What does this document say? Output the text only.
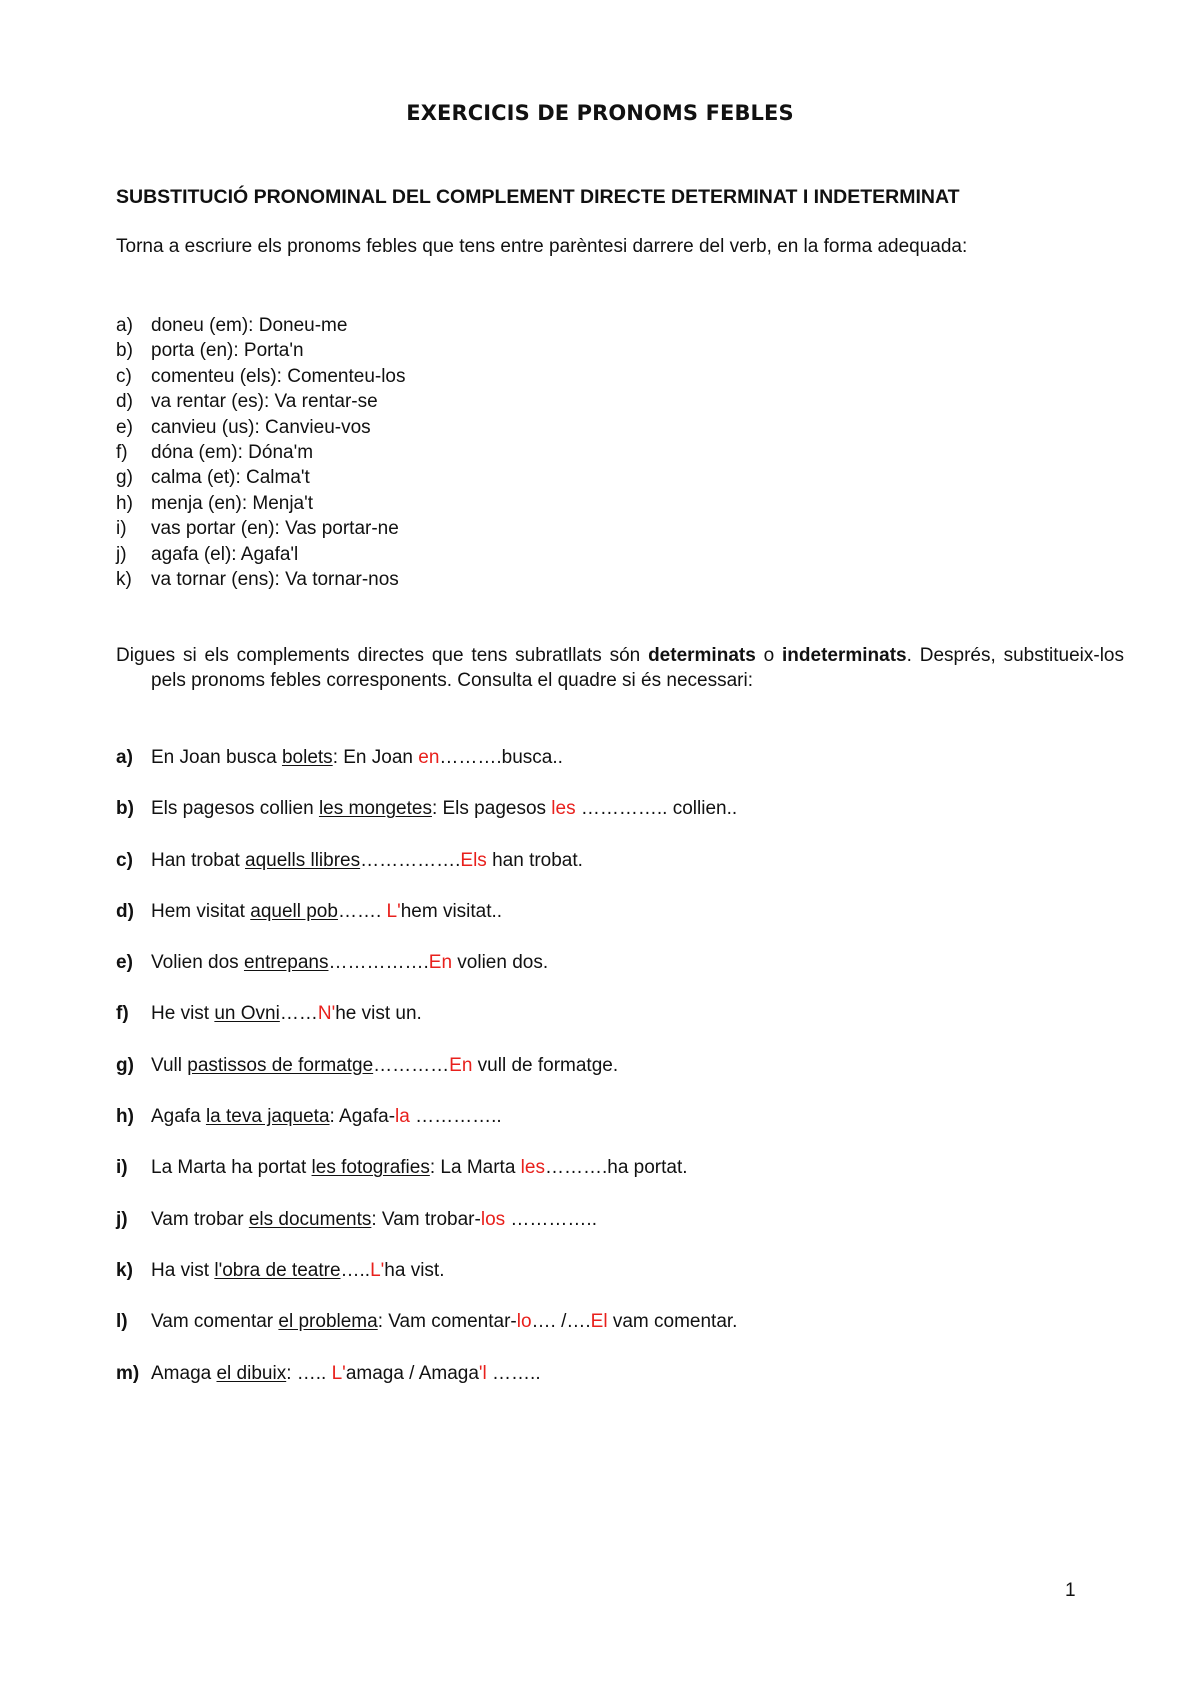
EXERCICIS DE PRONOMS FEBLES
SUBSTITUCIÓ PRONOMINAL DEL COMPLEMENT DIRECTE DETERMINAT I INDETERMINAT

Torna a escriure els pronoms febles que tens entre parèntesi darrere del verb, en la forma adequada:

a) doneu (em): Doneu-me
b) porta (en): Porta'n
c) comenteu (els): Comenteu-los
d) va rentar (es): Va rentar-se
e) canvieu (us): Canvieu-vos
f) dóna (em): Dóna'm
g) calma (et): Calma't
h) menja (en): Menja't
i) vas portar (en): Vas portar-ne
j) agafa (el): Agafa'l
k) va tornar (ens): Va tornar-nos

Digues si els complements directes que tens subratllats són determinats o indeterminats. Després, substitueix-los pels pronoms febles corresponents. Consulta el quadre si és necessari:

a) En Joan busca bolets: En Joan en……….busca..
b) Els pagesos collien les mongetes: Els pagesos les ………….. collien..
c) Han trobat aquells llibres…………….Els han trobat.
d) Hem visitat aquell pob……. L'hem visitat..
e) Volien dos entrepans…………….En volien dos.
f) He vist un Ovni……N'he vist un.
g) Vull pastissos de formatge…………En vull de formatge.
h) Agafa la teva jaqueta: Agafa-la …………..
i) La Marta ha portat les fotografies: La Marta les……….ha portat.
j) Vam trobar els documents: Vam trobar-los …………..
k) Ha vist l'obra de teatre…..L'ha vist.
l) Vam comentar el problema: Vam comentar-lo…. /….El vam comentar.
m) Amaga el dibuix: ….. L'amaga / Amaga'l ……..

1
